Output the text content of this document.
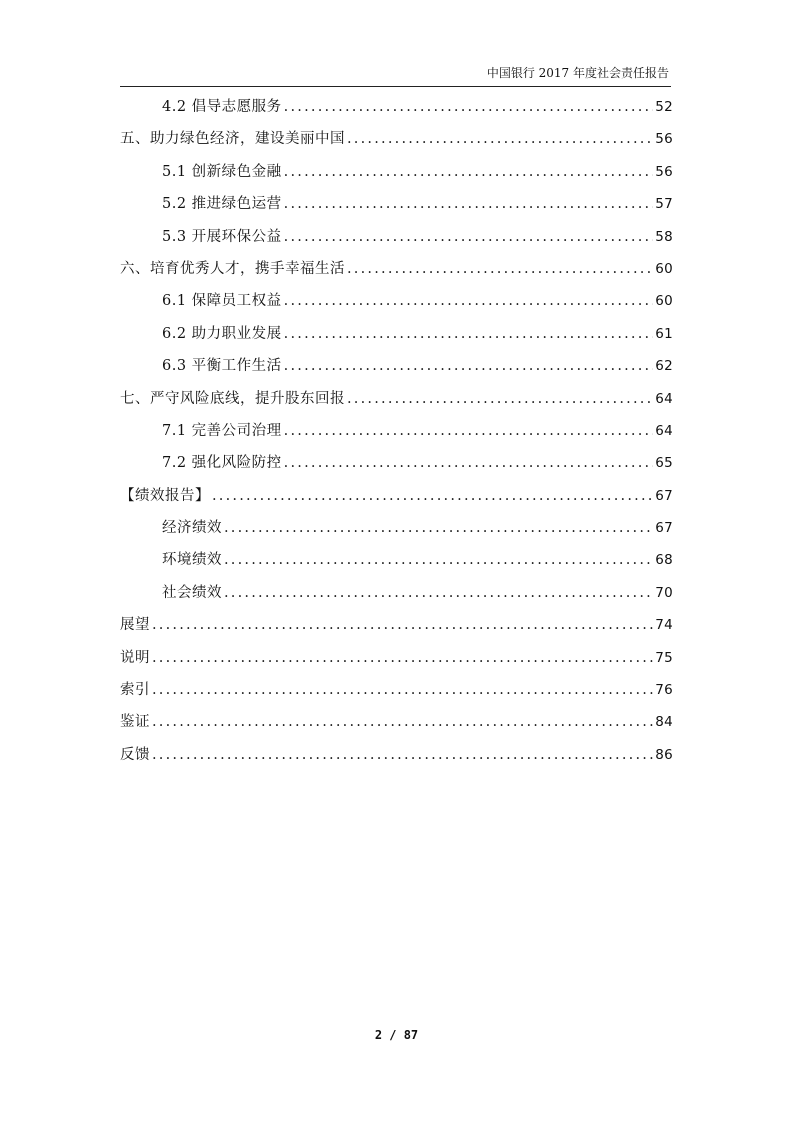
中国银行 2017 年度社会责任报告
4.2 倡导志愿服务 .....	52
五、助力绿色经济，建设美丽中国 .....	56
5.1 创新绿色金融 .....	56
5.2 推进绿色运营 .....	57
5.3 开展环保公益 .....	58
六、培育优秀人才，携手幸福生活 .....	60
6.1 保障员工权益 .....	60
6.2 助力职业发展 .....	61
6.3 平衡工作生活 .....	62
七、严守风险底线，提升股东回报 .....	64
7.1 完善公司治理 .....	64
7.2 强化风险防控 .....	65
【绩效报告】 .....	67
经济绩效 .....	67
环境绩效 .....	68
社会绩效 .....	70
展望 .....	74
说明 .....	75
索引 .....	76
鉴证 .....	84
反馈 .....	86
2 / 87
